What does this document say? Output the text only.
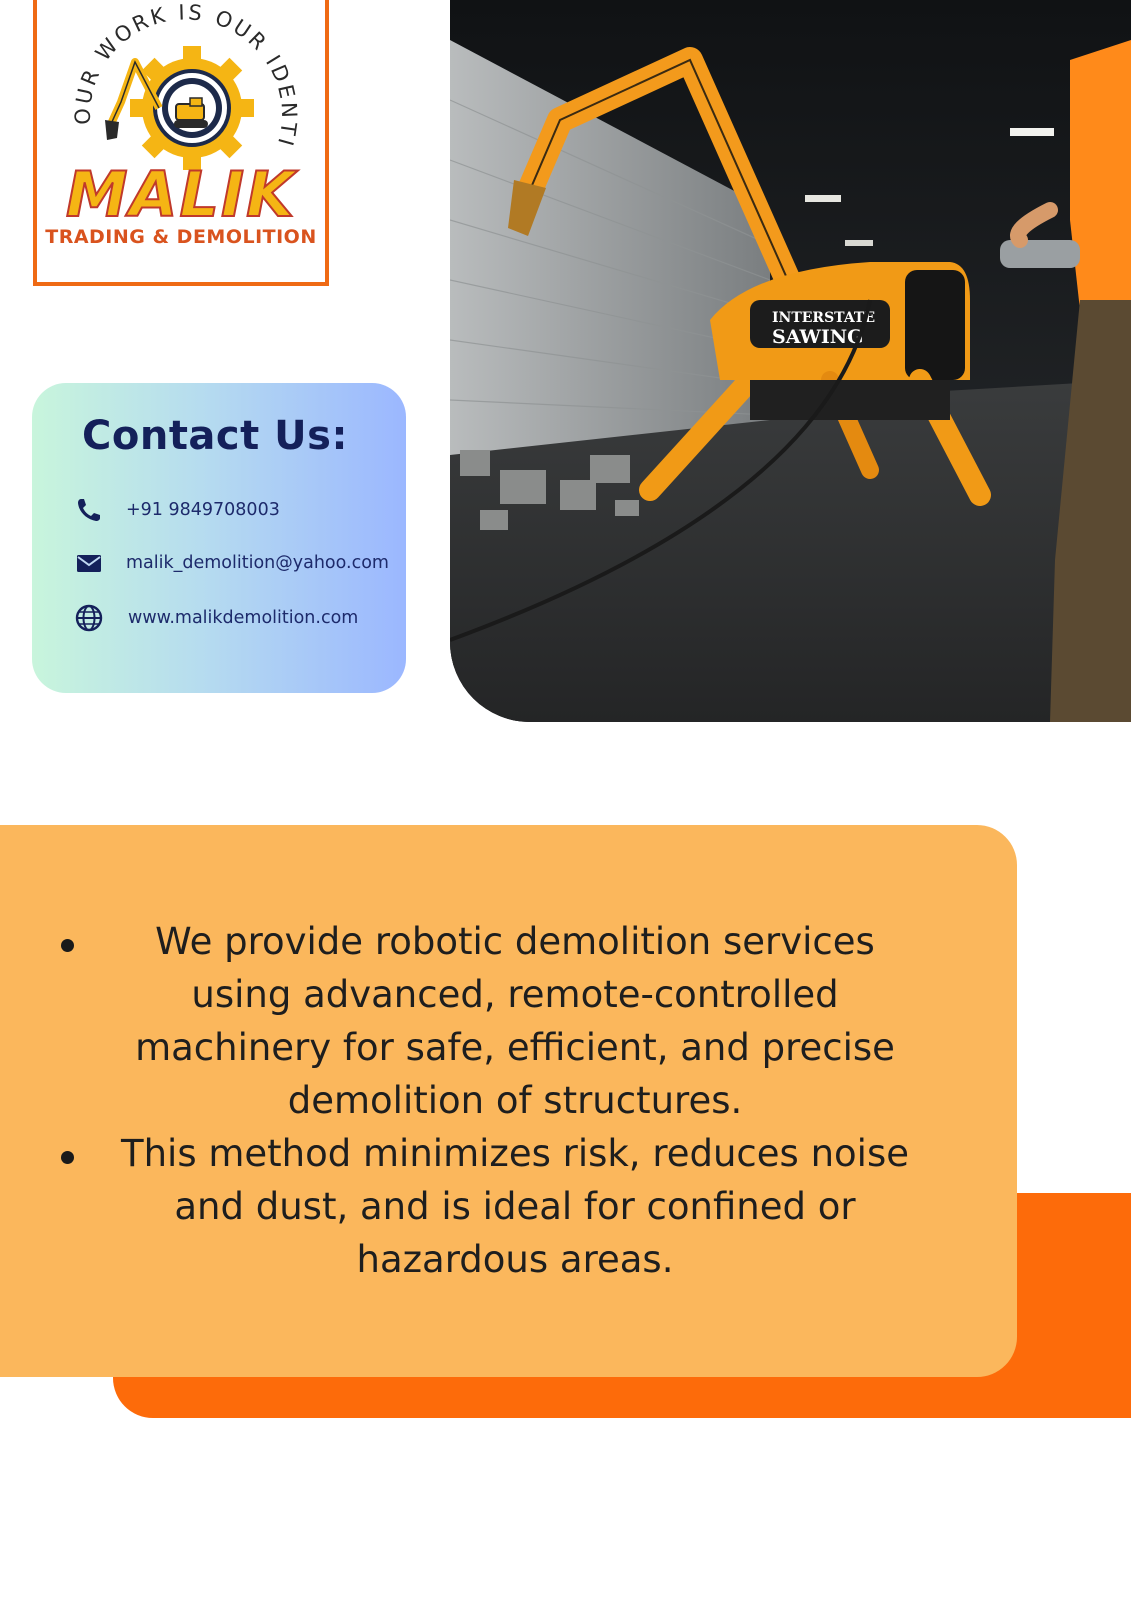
OUR WORK IS OUR IDENTI
MALIK
TRADING & DEMOLITION
Contact Us:
+91 9849708003
malik_demolition@yahoo.com
www.malikdemolition.com
INTERSTATE
SAWING
We provide robotic demolition services using advanced, remote-controlled machinery for safe, efficient, and precise demolition of structures.
This method minimizes risk, reduces noise and dust, and is ideal for confined or hazardous areas.
